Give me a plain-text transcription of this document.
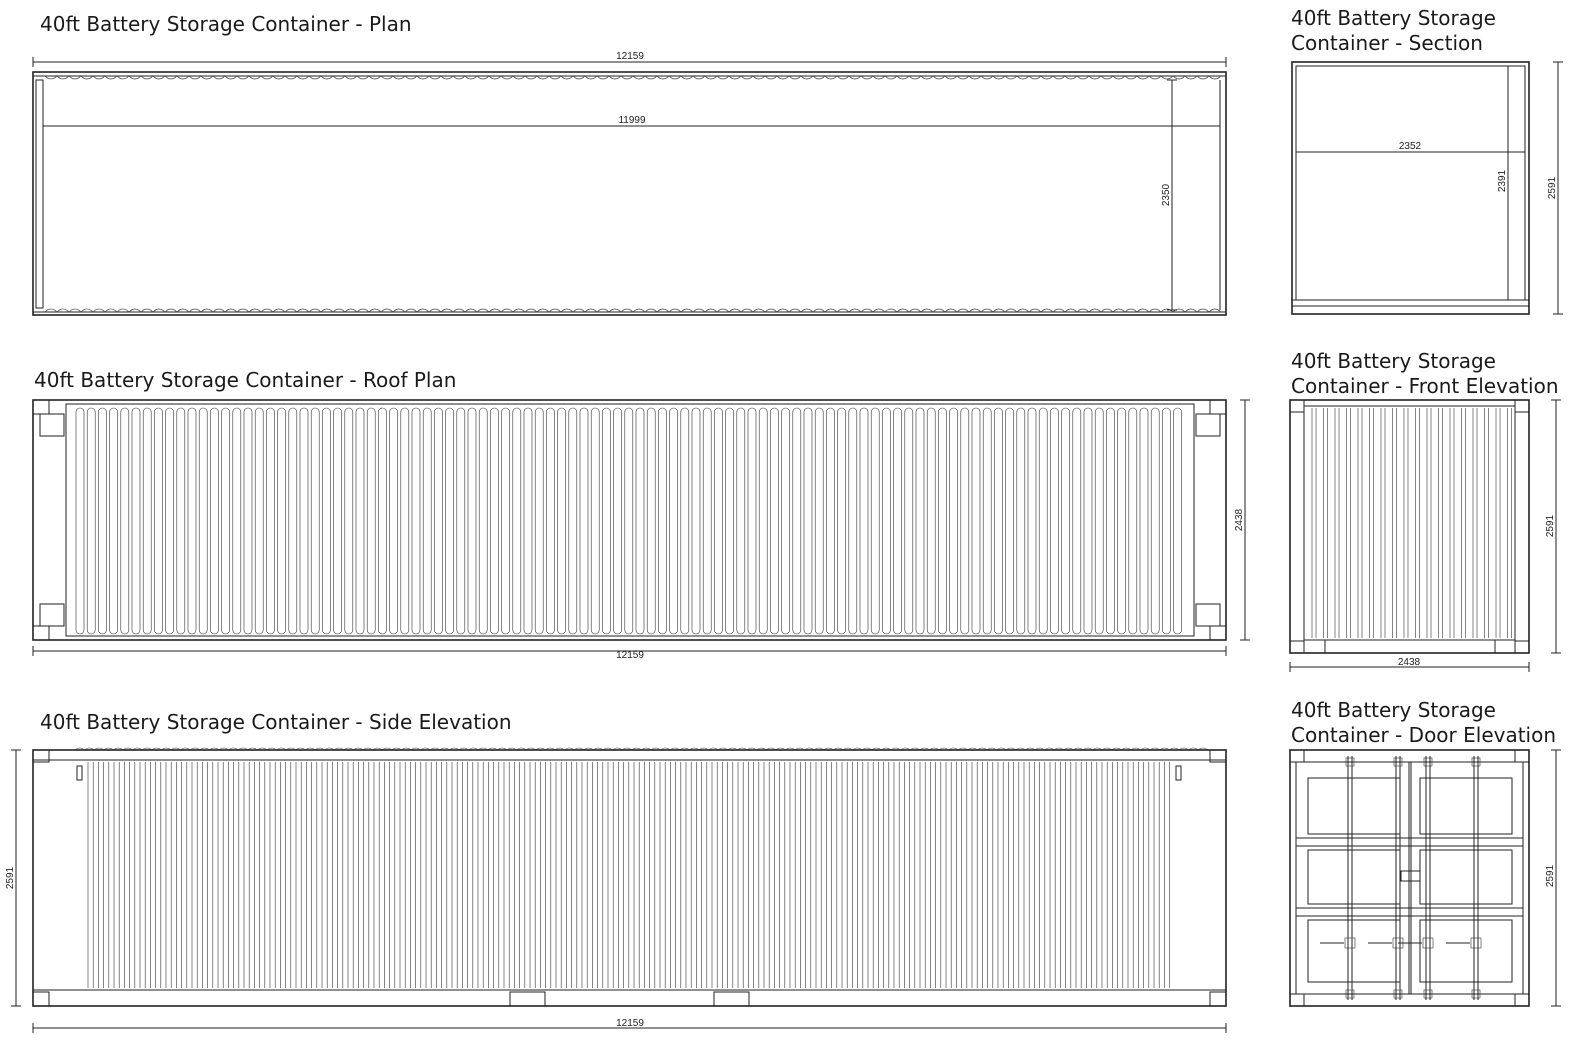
40ft Battery Storage Container - Plan
12159
11999
2350
40ft Battery Storage
Container - Section
2352
2391	2591
40ft Battery Storage Container - Roof Plan
2438
12159
40ft Battery Storage
Container - Front Elevation
2438
2591
40ft Battery Storage Container - Side Elevation
2591
12159
40ft Battery Storage
Container - Door Elevation
2591
